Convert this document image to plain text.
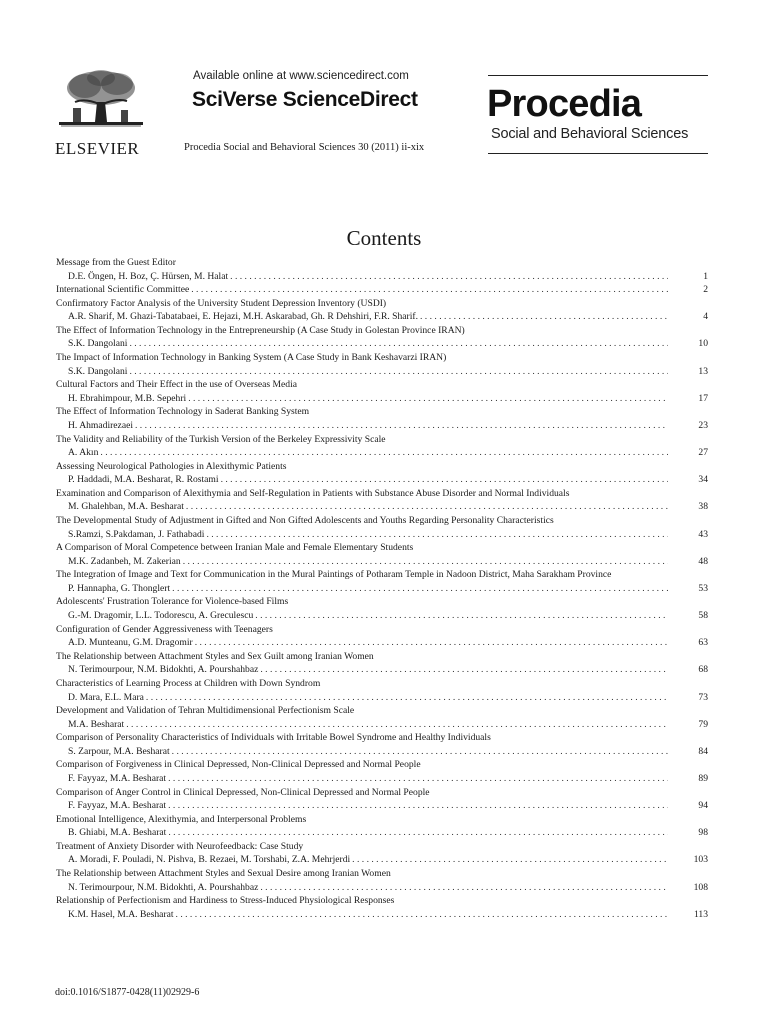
ELSEVIER
Available online at www.sciencedirect.com
SciVerse ScienceDirect
Procedia Social and Behavioral Sciences 30 (2011) ii-xix
Procedia
Social and Behavioral Sciences
Contents
Message from the Guest Editor
D.E. Öngen, H. Boz, Ç. Hürsen, M. Halat . . .	1
International Scientific Committee . . .	2
Confirmatory Factor Analysis of the University Student Depression Inventory (USDI)
A.R. Sharif, M. Ghazi-Tabatabaei, E. Hejazi, M.H. Askarabad, Gh. R Dehshiri, F.R. Sharif. . . .	4
The Effect of Information Technology in the Entrepreneurship (A Case Study in Golestan Province IRAN)
S.K. Dangolani . . .	10
The Impact of Information Technology in Banking System (A Case Study in Bank Keshavarzi IRAN)
S.K. Dangolani . . .	13
Cultural Factors and Their Effect in the use of Overseas Media
H. Ebrahimpour, M.B. Sepehri . . .	17
The Effect of Information Technology in Saderat Banking System
H. Ahmadirezaei . . .	23
The Validity and Reliability of the Turkish Version of the Berkeley Expressivity Scale
A. Akın . . .	27
Assessing Neurological Pathologies in Alexithymic Patients
P. Haddadi, M.A. Besharat, R. Rostami . . .	34
Examination and Comparison of Alexithymia and Self-Regulation in Patients with Substance Abuse Disorder and Normal Individuals
M. Ghalehban, M.A. Besharat . . .	38
The Developmental Study of Adjustment in Gifted and Non Gifted Adolescents and Youths Regarding Personality Characteristics
S.Ramzi, S.Pakdaman, J. Fathabadi . . .	43
A Comparison of Moral Competence between Iranian Male and Female Elementary Students
M.K. Zadanbeh, M. Zakerian . . .	48
The Integration of Image and Text for Communication in the Mural Paintings of Potharam Temple in Nadoon District, Maha Sarakham Province
P. Hannapha, G. Thonglert . . .	53
Adolescents' Frustration Tolerance for Violence-based Films
G.-M. Dragomir, L.L. Todorescu, A. Greculescu . . .	58
Configuration of Gender Aggressiveness with Teenagers
A.D. Munteanu, G.M. Dragomir . . .	63
The Relationship between Attachment Styles and Sex Guilt among Iranian Women
N. Terimourpour, N.M. Bidokhti, A. Pourshahbaz . . .	68
Characteristics of Learning Process at Children with Down Syndrom
D. Mara, E.L. Mara . . .	73
Development and Validation of Tehran Multidimensional Perfectionism Scale
M.A. Besharat . . .	79
Comparison of Personality Characteristics of Individuals with Irritable Bowel Syndrome and Healthy Individuals
S. Zarpour, M.A. Besharat . . .	84
Comparison of Forgiveness in Clinical Depressed, Non-Clinical Depressed and Normal People
F. Fayyaz, M.A. Besharat . . .	89
Comparison of Anger Control in Clinical Depressed, Non-Clinical Depressed and Normal People
F. Fayyaz, M.A. Besharat . . .	94
Emotional Intelligence, Alexithymia, and Interpersonal Problems
B. Ghiabi, M.A. Besharat . . .	98
Treatment of Anxiety Disorder with Neurofeedback: Case Study
A. Moradi, F. Pouladi, N. Pishva, B. Rezaei, M. Torshabi, Z.A. Mehrjerdi . . .	103
The Relationship between Attachment Styles and Sexual Desire among Iranian Women
N. Terimourpour, N.M. Bidokhti, A. Pourshahbaz . . .	108
Relationship of Perfectionism and Hardiness to Stress-Induced Physiological Responses
K.M. Hasel, M.A. Besharat . . .	113
doi:0.1016/S1877-0428(11)02929-6
